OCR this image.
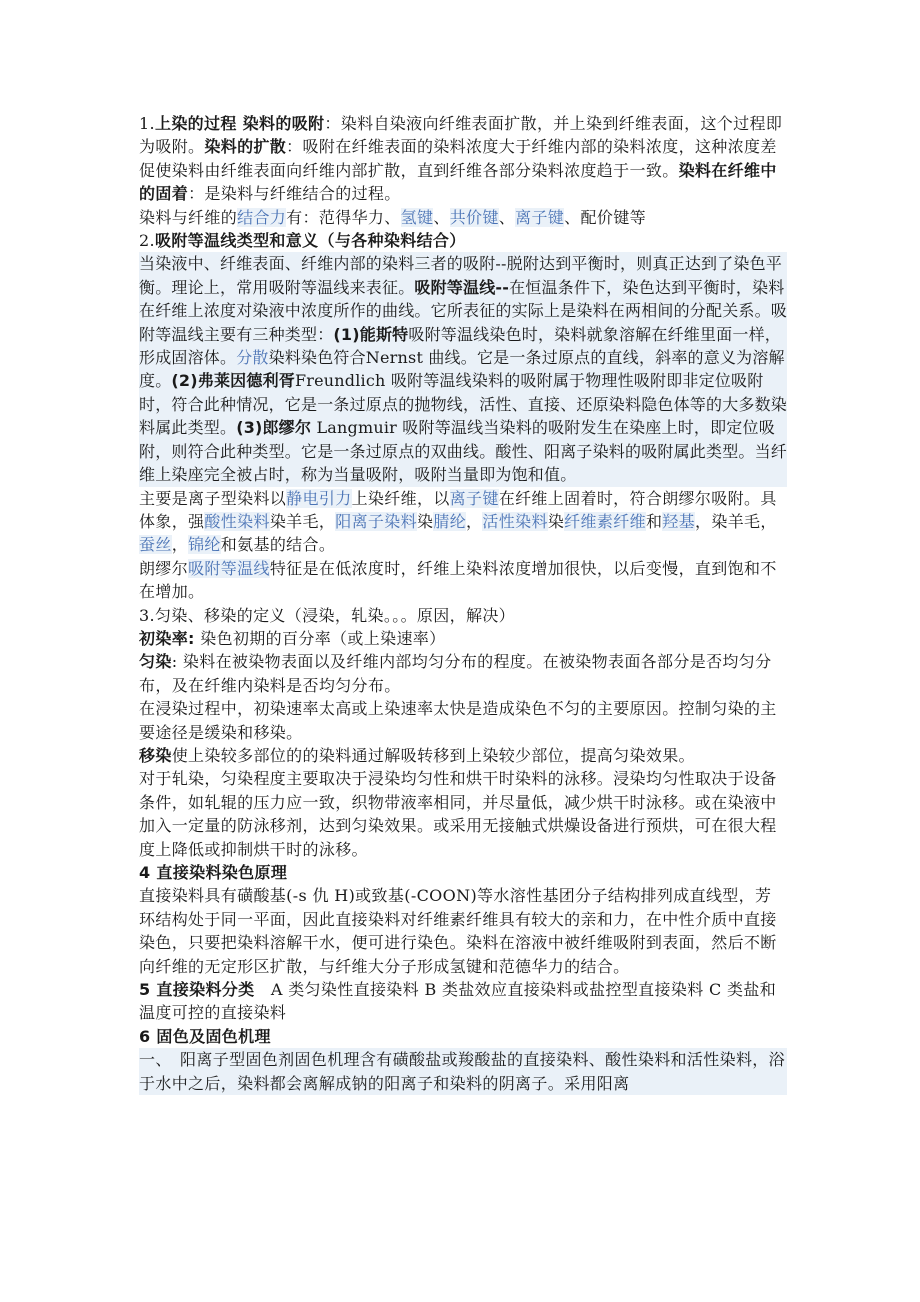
1.上染的过程 染料的吸附：染料自染液向纤维表面扩散，并上染到纤维表面，这个过程即为吸附。染料的扩散：吸附在纤维表面的染料浓度大于纤维内部的染料浓度，这种浓度差促使染料由纤维表面向纤维内部扩散，直到纤维各部分染料浓度趋于一致。染料在纤维中的固着：是染料与纤维结合的过程。

染料与纤维的结合力有：范得华力、氢键、共价键、离子键、配价键等

2.吸附等温线类型和意义（与各种染料结合）

当染液中、纤维表面、纤维内部的染料三者的吸附--脱附达到平衡时，则真正达到了染色平衡。理论上，常用吸附等温线来表征。吸附等温线--在恒温条件下，染色达到平衡时，染料在纤维上浓度对染液中浓度所作的曲线。它所表征的实际上是染料在两相间的分配关系。吸附等温线主要有三种类型：(1)能斯特吸附等温线染色时，染料就象溶解在纤维里面一样，形成固溶体。分散染料染色符合Nernst 曲线。它是一条过原点的直线，斜率的意义为溶解度。(2)弗莱因德利胥Freundlich 吸附等温线染料的吸附属于物理性吸附即非定位吸附时，符合此种情况，它是一条过原点的抛物线，活性、直接、还原染料隐色体等的大多数染料属此类型。(3)郎缪尔 Langmuir 吸附等温线当染料的吸附发生在染座上时，即定位吸附，则符合此种类型。它是一条过原点的双曲线。酸性、阳离子染料的吸附属此类型。当纤维上染座完全被占时，称为当量吸附，吸附当量即为饱和值。

主要是离子型染料以静电引力上染纤维，以离子键在纤维上固着时，符合朗缪尔吸附。具体象，强酸性染料染羊毛，阳离子染料染腈纶，活性染料染纤维素纤维和羟基，染羊毛，蚕丝，锦纶和氨基的结合。

朗缪尔吸附等温线特征是在低浓度时，纤维上染料浓度增加很快，以后变慢，直到饱和不在增加。

3.匀染、移染的定义（浸染，轧染。。。原因，解决）

初染率: 染色初期的百分率（或上染速率）

匀染: 染料在被染物表面以及纤维内部均匀分布的程度。在被染物表面各部分是否均匀分布，及在纤维内染料是否均匀分布。

在浸染过程中，初染速率太高或上染速率太快是造成染色不匀的主要原因。控制匀染的主要途径是缓染和移染。

移染使上染较多部位的的染料通过解吸转移到上染较少部位，提高匀染效果。

对于轧染，匀染程度主要取决于浸染均匀性和烘干时染料的泳移。浸染均匀性取决于设备条件，如轧辊的压力应一致，织物带液率相同，并尽量低，减少烘干时泳移。或在染液中加入一定量的防泳移剂，达到匀染效果。或采用无接触式烘燥设备进行预烘，可在很大程度上降低或抑制烘干时的泳移。

4 直接染料染色原理

直接染料具有磺酸基(-s 仇 H)或致基(-COON)等水溶性基团分子结构排列成直线型，芳环结构处于同一平面，因此直接染料对纤维素纤维具有较大的亲和力，在中性介质中直接染色，只要把染料溶解干水，便可进行染色。染料在溶液中被纤维吸附到表面，然后不断向纤维的无定形区扩散，与纤维大分子形成氢键和范德华力的结合。

5 直接染料分类　A 类匀染性直接染料 B 类盐效应直接染料或盐控型直接染料 C 类盐和温度可控的直接染料

6 固色及固色机理

一、　阳离子型固色剂固色机理含有磺酸盐或羧酸盐的直接染料、酸性染料和活性染料，浴于水中之后，染料都会离解成钠的阳离子和染料的阴离子。采用阳离
